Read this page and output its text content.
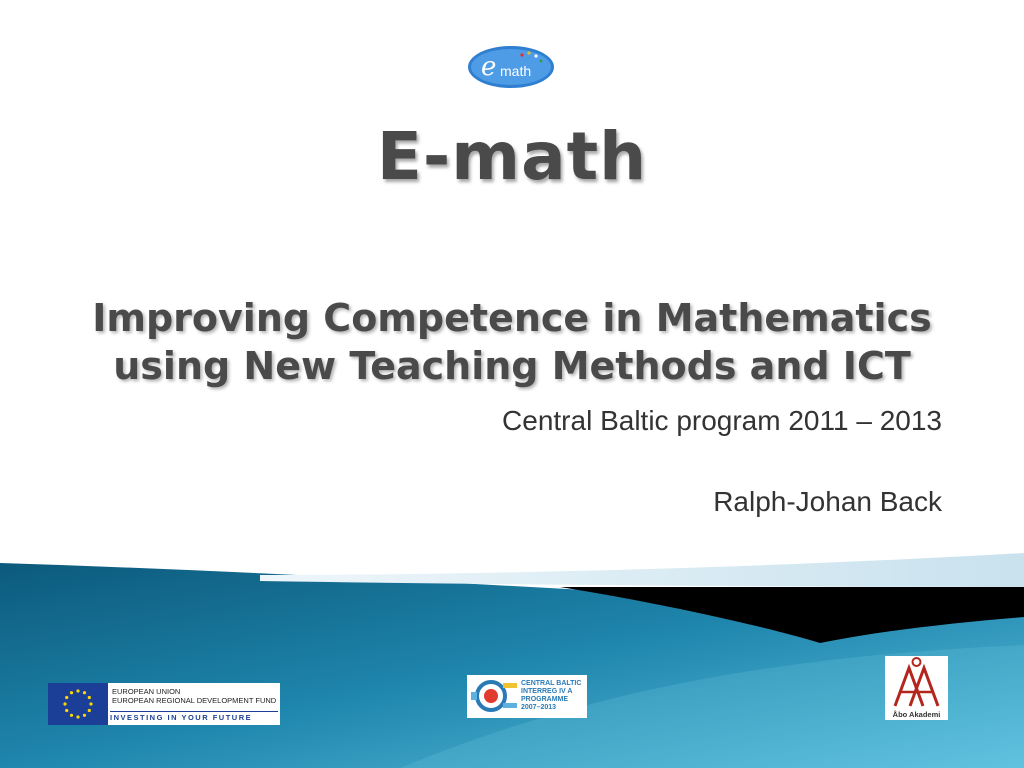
e math
E-math
Improving Competence in Mathematics
using New Teaching Methods and ICT
Central Baltic program 2011 – 2013
Ralph-Johan Back
EUROPEAN UNION
EUROPEAN REGIONAL DEVELOPMENT FUND
INVESTING IN YOUR FUTURE
CENTRAL BALTIC
INTERREG IV A
PROGRAMME
2007–2013
Åbo Akademi
